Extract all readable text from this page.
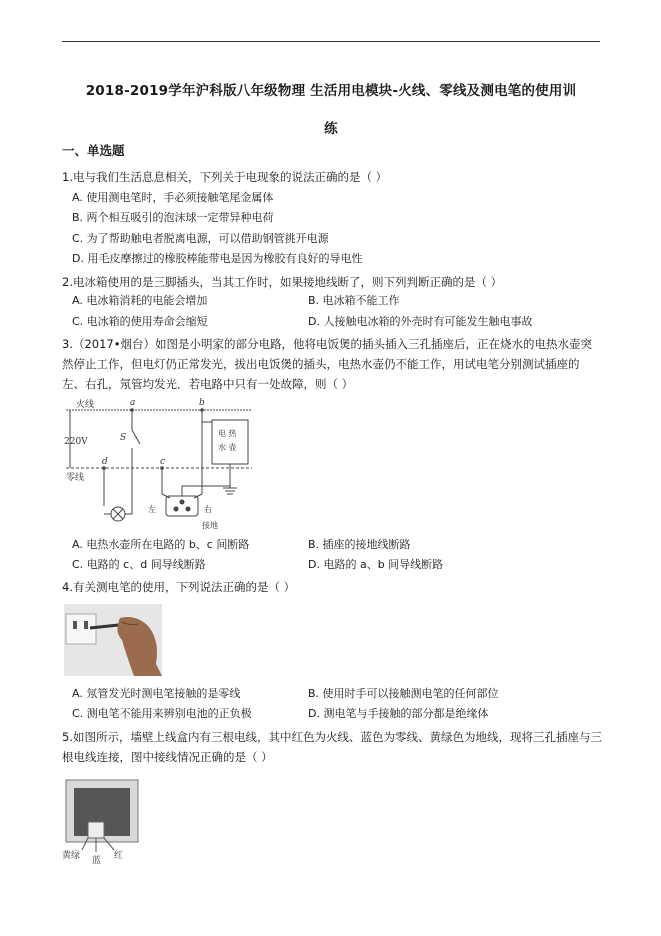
2018-2019学年沪科版八年级物理 生活用电模块-火线、零线及测电笔的使用训
练
一、单选题
1.电与我们生活息息相关，下列关于电现象的说法正确的是（ ）
A. 使用测电笔时，手必须接触笔尾金属体
B. 两个相互吸引的泡沫球一定带异种电荷
C. 为了帮助触电者脱离电源，可以借助钢管挑开电源
D. 用毛皮摩擦过的橡胶棒能带电是因为橡胶有良好的导电性
2.电冰箱使用的是三脚插头，当其工作时，如果接地线断了，则下列判断正确的是（ ）
A. 电冰箱消耗的电能会增加	B. 电冰箱不能工作
C. 电冰箱的使用寿命会缩短	D. 人接触电冰箱的外壳时有可能发生触电事故
3.（2017•烟台）如图是小明家的部分电路，他将电饭煲的插头插入三孔插座后，正在烧水的电热水壶突然停止工作，但电灯仍正常发光，拔出电饭煲的插头，电热水壶仍不能工作，用试电笔分别测试插座的左、右孔，氖管均发光．若电路中只有一处故障，则（ ）
火线
零线
220V
a	b
c
d
S	电 热
水 壶
左	右
接地
A. 电热水壶所在电路的 b、c 间断路	B. 插座的接地线断路
C. 电路的 c、d 间导线断路	D. 电路的 a、b 间导线断路
4.有关测电笔的使用，下列说法正确的是（ ）
A. 氖管发光时测电笔接触的是零线	B. 使用时手可以接触测电笔的任何部位
C. 测电笔不能用来辨别电池的正负极	D. 测电笔与手接触的部分都是绝缘体
5.如图所示，墙壁上线盒内有三根电线，其中红色为火线、蓝色为零线、黄绿色为地线，现将三孔插座与三根电线连接，图中接线情况正确的是（ ）
黄绿 蓝 红
